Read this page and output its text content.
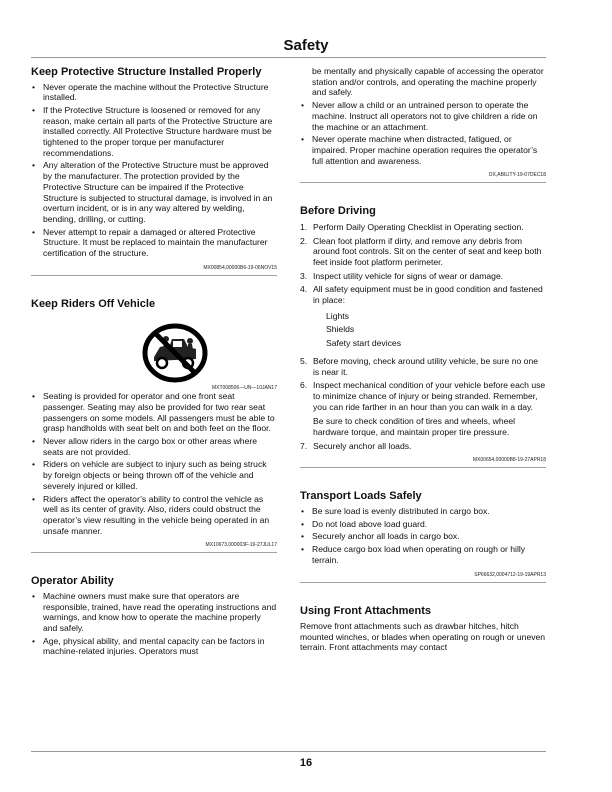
Safety
Keep Protective Structure Installed Properly
• Never operate the machine without the Protective Structure installed.
• If the Protective Structure is loosened or removed for any reason, make certain all parts of the Protective Structure are installed correctly. All Protective Structure hardware must be tightened to the proper torque per manufacturer recommendations.
• Any alteration of the Protective Structure must be approved by the manufacturer. The protection provided by the Protective Structure can be impaired if the Protective Structure is subjected to structural damage, is involved in an overturn incident, or is in any way altered by welding, bending, drilling, or cutting.
• Never attempt to repair a damaged or altered Protective Structure. It must be replaced to maintain the manufacturer certification of the structure.
MX00854,00000B6-19-06NOV15
Keep Riders Off Vehicle
MXT008506—UN—10JAN17
• Seating is provided for operator and one front seat passenger. Seating may also be provided for two rear seat passengers on some models. All passengers must be able to grasp handholds with seat belt on and both feet on the floor.
• Never allow riders in the cargo box or other areas where seats are not provided.
• Riders on vehicle are subject to injury such as being struck by foreign objects or being thrown off of the vehicle and severely injured or killed.
• Riders affect the operator’s ability to control the vehicle as well as its center of gravity. Also, riders could obstruct the operator’s view resulting in the vehicle being operated in an unsafe manner.
MX10673,000003F-19-27JUL17
Operator Ability
• Machine owners must make sure that operators are responsible, trained, have read the operating instructions and warnings, and know how to operate the machine properly and safely.
• Age, physical ability, and mental capacity can be factors in machine-related injuries. Operators must

be mentally and physically capable of accessing the operator station and/or controls, and operating the machine properly and safely.

• Never allow a child or an untrained person to operate the machine. Instruct all operators not to give children a ride on the machine or an attachment.
• Never operate machine when distracted, fatigued, or impaired. Proper machine operation requires the operator’s full attention and awareness.
DX,ABILITY-19-07DEC18
Before Driving
1. Perform Daily Operating Checklist in Operating section.
2. Clean foot platform if dirty, and remove any debris from around foot controls. Sit on the center of seat and keep both feet inside foot platform perimeter.
3. Inspect utility vehicle for signs of wear or damage.
4. All safety equipment must be in good condition and fastened in place:
Lights
Shields
Safety start devices
5. Before moving, check around utility vehicle, be sure no one is near it.
6. Inspect mechanical condition of your vehicle before each use to minimize chance of injury or being stranded. Remember, you can ride farther in an hour than you can walk in a day.
Be sure to check condition of tires and wheels, wheel hardware torque, and maintain proper tire pressure.
7. Securely anchor all loads.
MX00654,00000B8-19-27APR18
Transport Loads Safely
• Be sure load is evenly distributed in cargo box.
• Do not load above load guard.
• Securely anchor all loads in cargo box.
• Reduce cargo box load when operating on rough or hilly terrain.
SP66632,0004712-19-19APR13
Using Front Attachments

Remove front attachments such as drawbar hitches, hitch mounted winches, or blades when operating on rough or uneven terrain. Front attachments may contact

16
